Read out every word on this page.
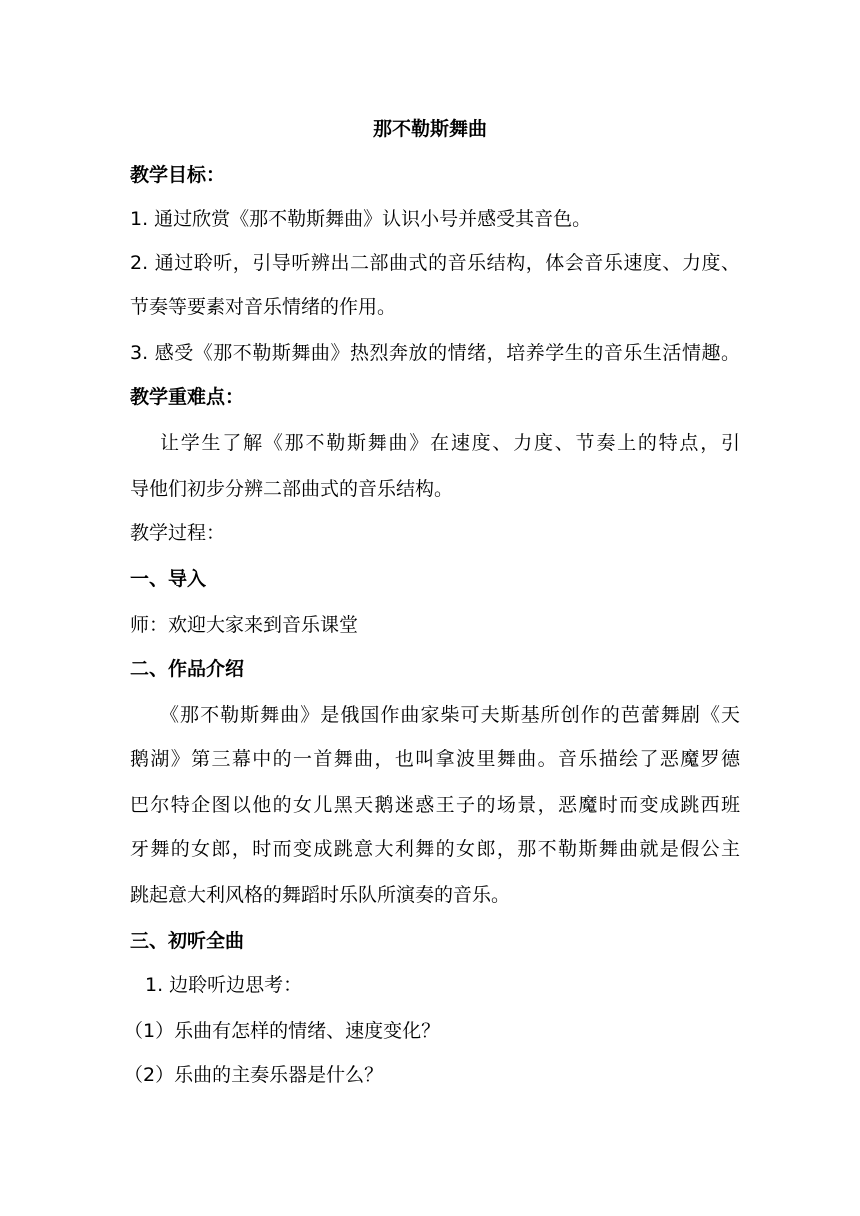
那不勒斯舞曲
教学目标：
1. 通过欣赏《那不勒斯舞曲》认识小号并感受其音色。
2. 通过聆听，引导听辨出二部曲式的音乐结构，体会音乐速度、力度、
节奏等要素对音乐情绪的作用。
3. 感受《那不勒斯舞曲》热烈奔放的情绪，培养学生的音乐生活情趣。
教学重难点：
让学生了解《那不勒斯舞曲》在速度、力度、节奏上的特点，引
导他们初步分辨二部曲式的音乐结构。
教学过程：
一、导入
师：欢迎大家来到音乐课堂
二、作品介绍
《那不勒斯舞曲》是俄国作曲家柴可夫斯基所创作的芭蕾舞剧《天
鹅湖》第三幕中的一首舞曲，也叫拿波里舞曲。音乐描绘了恶魔罗德
巴尔特企图以他的女儿黑天鹅迷惑王子的场景，恶魔时而变成跳西班
牙舞的女郎，时而变成跳意大利舞的女郎，那不勒斯舞曲就是假公主
跳起意大利风格的舞蹈时乐队所演奏的音乐。
三、初听全曲
1. 边聆听边思考：
（1）乐曲有怎样的情绪、速度变化？
（2）乐曲的主奏乐器是什么？
